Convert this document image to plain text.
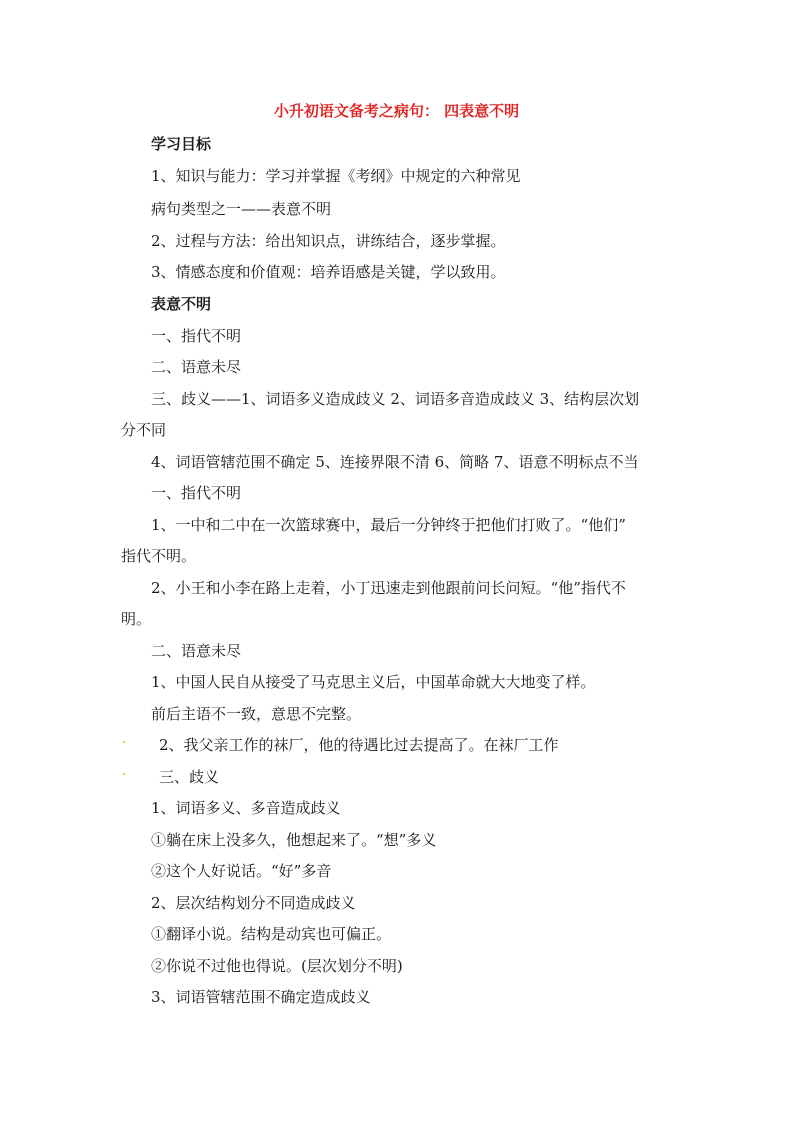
小升初语文备考之病句： 四表意不明
学习目标
1、知识与能力：学习并掌握《考纲》中规定的六种常见
病句类型之一——表意不明
2、过程与方法：给出知识点，讲练结合，逐步掌握。
3、情感态度和价值观：培养语感是关键，学以致用。
表意不明
一、指代不明
二、语意未尽
三、歧义——1、词语多义造成歧义 2、词语多音造成歧义 3、结构层次划
分不同
4、词语管辖范围不确定 5、连接界限不清 6、简略 7、语意不明标点不当
一、指代不明
1、一中和二中在一次篮球赛中，最后一分钟终于把他们打败了。“他们”
指代不明。
2、小王和小李在路上走着，小丁迅速走到他跟前问长问短。“他”指代不
明。
二、语意未尽
1、中国人民自从接受了马克思主义后，中国革命就大大地变了样。
前后主语不一致，意思不完整。
2、我父亲工作的袜厂，他的待遇比过去提高了。在袜厂工作
三、歧义
1、词语多义、多音造成歧义
①躺在床上没多久，他想起来了。“想”多义
②这个人好说话。“好”多音
2、层次结构划分不同造成歧义
①翻译小说。结构是动宾也可偏正。
②你说不过他也得说。(层次划分不明)
3、词语管辖范围不确定造成歧义
